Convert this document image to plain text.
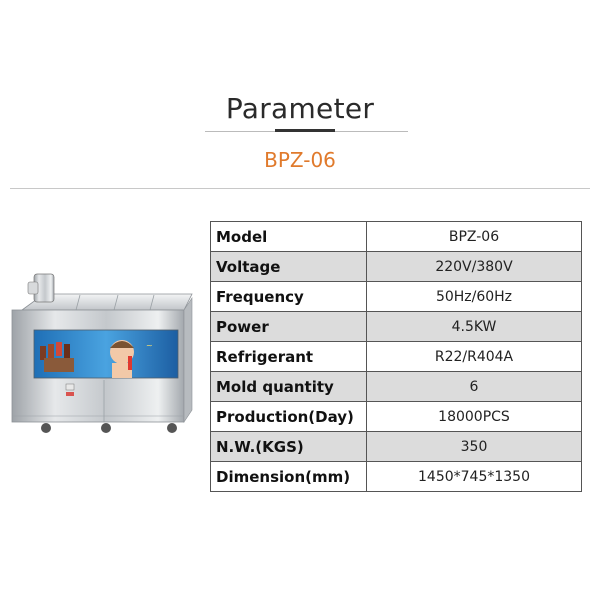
Parameter
BPZ-06
~
Model	BPZ-06
Voltage	220V/380V
Frequency	50Hz/60Hz
Power	4.5KW
Refrigerant	R22/R404A
Mold quantity	6
Production(Day)	18000PCS
N.W.(KGS)	350
Dimension(mm)	1450*745*1350
